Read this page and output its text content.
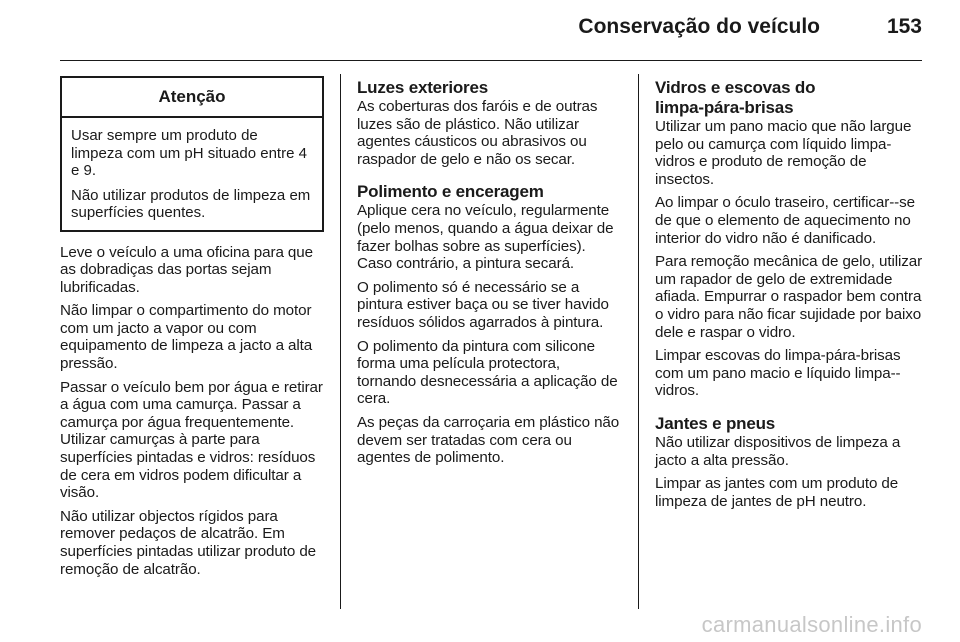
Conservação do veículo	153
Atenção

Usar sempre um produto de limpeza com um pH situado entre 4 e 9.

Não utilizar produtos de limpeza em superfícies quentes.

Leve o veículo a uma oficina para que as dobradiças das portas sejam lubrificadas.

Não limpar o compartimento do motor com um jacto a vapor ou com equipamento de limpeza a jacto a alta pressão.

Passar o veículo bem por água e retirar a água com uma camurça. Passar a camurça por água frequentemente. Utilizar camurças à parte para superfícies pintadas e vidros: resíduos de cera em vidros podem dificultar a visão.

Não utilizar objectos rígidos para remover pedaços de alcatrão. Em superfícies pintadas utilizar produto de remoção de alcatrão.

Luzes exteriores

As coberturas dos faróis e de outras luzes são de plástico. Não utilizar agentes cáusticos ou abrasivos ou raspador de gelo e não os secar.

Polimento e enceragem

Aplique cera no veículo, regularmente (pelo menos, quando a água deixar de fazer bolhas sobre as superfícies). Caso contrário, a pintura secará.

O polimento só é necessário se a pintura estiver baça ou se tiver havido resíduos sólidos agarrados à pintura.

O polimento da pintura com silicone forma uma película protectora, tornando desnecessária a aplicação de cera.

As peças da carroçaria em plástico não devem ser tratadas com cera ou agentes de polimento.

Vidros e escovas do
limpa-pára-brisas

Utilizar um pano macio que não largue pelo ou camurça com líquido limpa-vidros e produto de remoção de insectos.

Ao limpar o óculo traseiro, certificar--se de que o elemento de aquecimento no interior do vidro não é danificado.

Para remoção mecânica de gelo, utilizar um rapador de gelo de extremidade afiada. Empurrar o raspador bem contra o vidro para não ficar sujidade por baixo dele e raspar o vidro.

Limpar escovas do limpa-pára-brisas com um pano macio e líquido limpa--vidros.

Jantes e pneus

Não utilizar dispositivos de limpeza a jacto a alta pressão.

Limpar as jantes com um produto de limpeza de jantes de pH neutro.

carmanualsonline.info
